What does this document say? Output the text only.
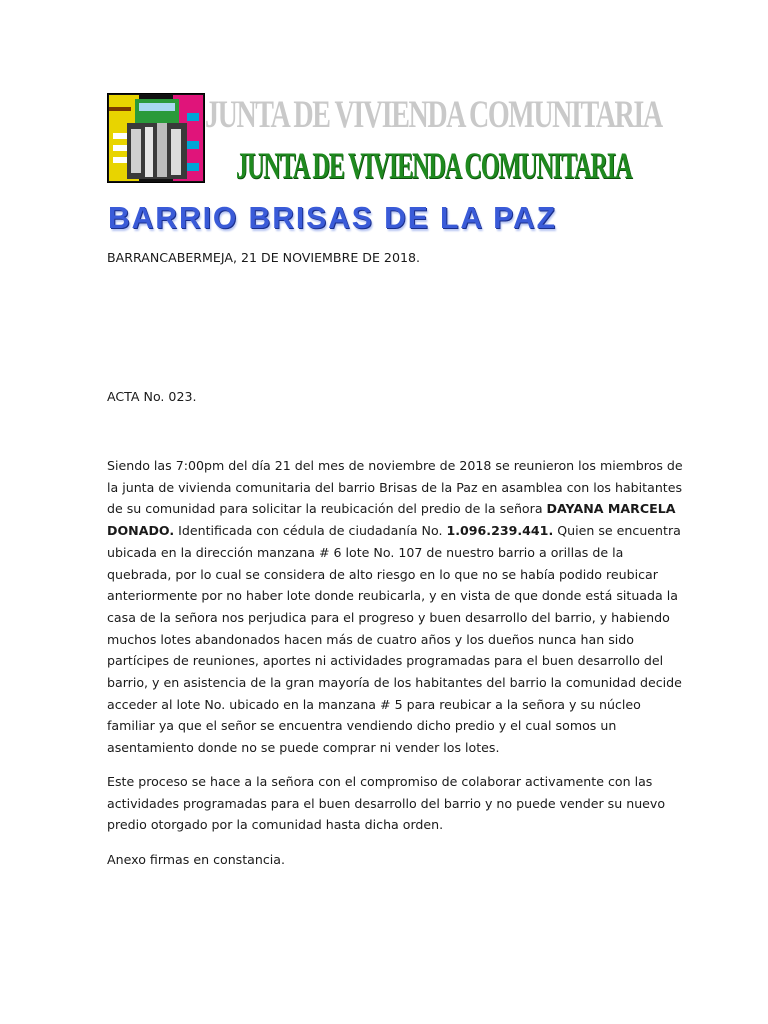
JUNTA DE VIVIENDA COMUNITARIA
JUNTA DE VIVIENDA COMUNITARIA
BARRIO BRISAS DE LA PAZ
BARRANCABERMEJA, 21 DE NOVIEMBRE DE 2018.
ACTA No. 023.
Siendo las 7:00pm del día 21 del mes de noviembre de 2018 se reunieron los miembros de
la junta de vivienda comunitaria del barrio Brisas de la Paz en asamblea con los habitantes
de su comunidad para solicitar la reubicación del predio de la señora DAYANA MARCELA
DONADO. Identificada con cédula de ciudadanía No. 1.096.239.441. Quien se encuentra
ubicada en la dirección manzana # 6 lote No. 107 de nuestro barrio a orillas de la
quebrada, por lo cual se considera de alto riesgo en lo que no se había podido reubicar
anteriormente por no haber lote donde reubicarla, y en vista de que donde está situada la
casa de la señora nos perjudica para el progreso y buen desarrollo del barrio, y habiendo
muchos lotes abandonados hacen más de cuatro años y los dueños nunca han sido
partícipes de reuniones, aportes ni actividades programadas para el buen desarrollo del
barrio, y en asistencia de la gran mayoría de los habitantes del barrio la comunidad decide
acceder al lote No. ubicado en la manzana # 5 para reubicar a la señora y su núcleo
familiar ya que el señor se encuentra vendiendo dicho predio y el cual somos un
asentamiento donde no se puede comprar ni vender los lotes.
Este proceso se hace a la señora con el compromiso de colaborar activamente con las
actividades programadas para el buen desarrollo del barrio y no puede vender su nuevo
predio otorgado por la comunidad hasta dicha orden.
Anexo firmas en constancia.
